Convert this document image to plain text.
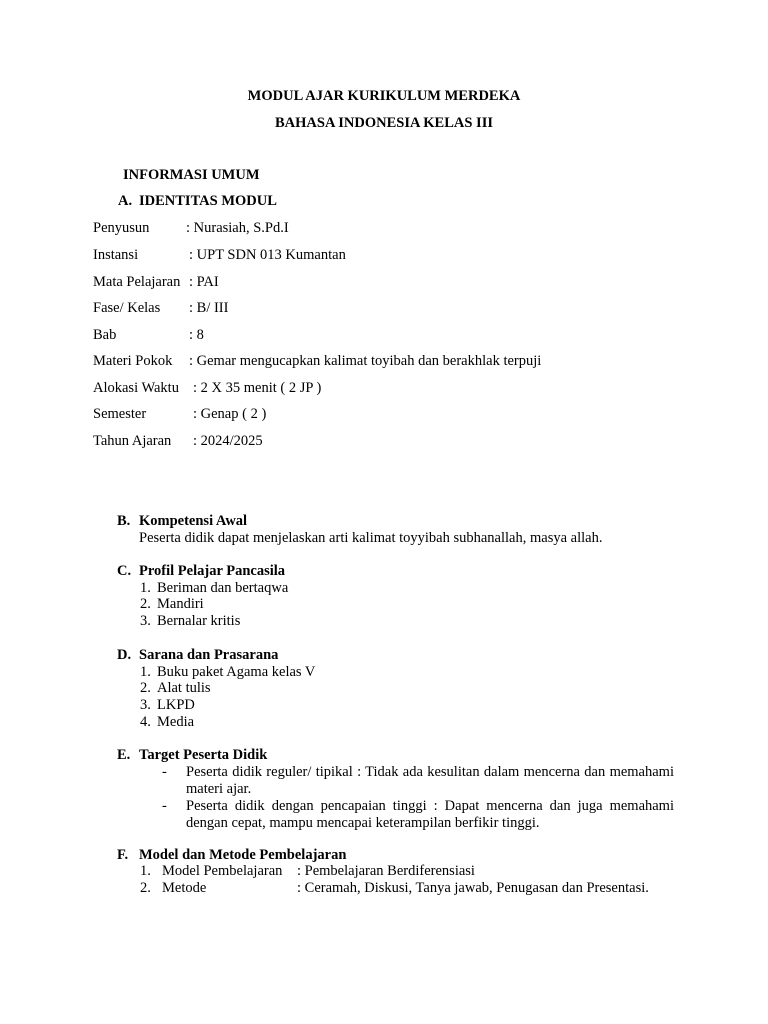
MODUL AJAR KURIKULUM MERDEKA
BAHASA INDONESIA KELAS III
INFORMASI UMUM
A. IDENTITAS MODUL
Penyusun	: Nurasiah, S.Pd.I
Instansi	: UPT SDN 013 Kumantan
Mata Pelajaran : PAI
Fase/ Kelas : B/ III
Bab	: 8
Materi Pokok : Gemar mengucapkan kalimat toyibah dan berakhlak terpuji
Alokasi Waktu : 2 X 35 menit ( 2 JP )
Semester	: Genap ( 2 )
Tahun Ajaran : 2024/2025
B. Kompetensi Awal
Peserta didik dapat menjelaskan arti kalimat toyyibah subhanallah, masya allah.
C. Profil Pelajar Pancasila
1. Beriman dan bertaqwa
2. Mandiri
3. Bernalar kritis
D. Sarana dan Prasarana
1. Buku paket Agama kelas V
2. Alat tulis
3. LKPD
4. Media
E. Target Peserta Didik
- Peserta didik reguler/ tipikal : Tidak ada kesulitan dalam mencerna dan memahami materi ajar.
- Peserta didik dengan pencapaian tinggi : Dapat mencerna dan juga memahami dengan cepat, mampu mencapai keterampilan berfikir tinggi.
F. Model dan Metode Pembelajaran
1. Model Pembelajaran : Pembelajaran Berdiferensiasi
2. Metode	: Ceramah, Diskusi, Tanya jawab, Penugasan dan Presentasi.
